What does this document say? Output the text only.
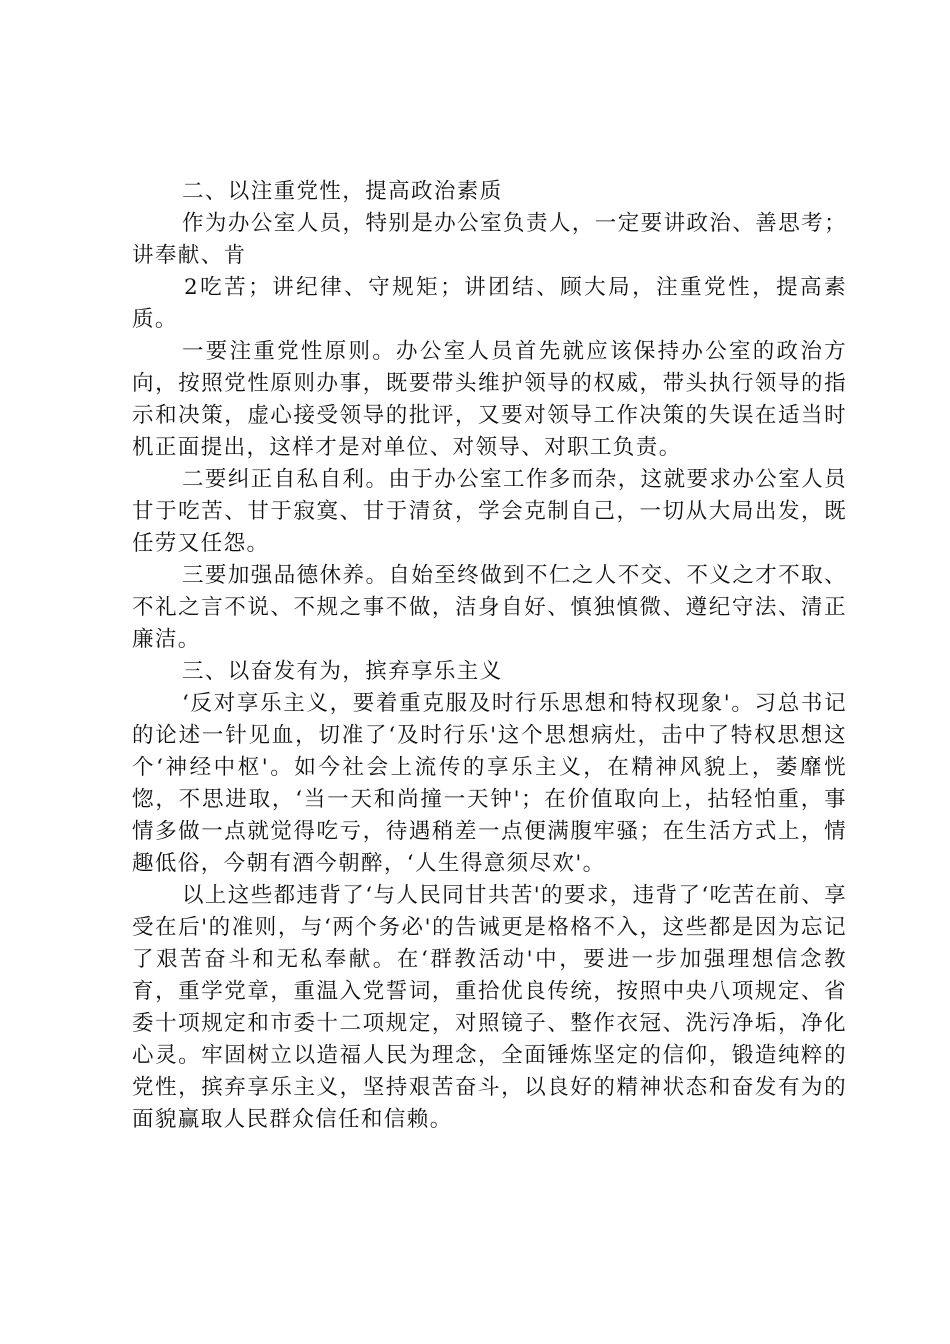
二、以注重党性，提高政治素质

作为办公室人员，特别是办公室负责人，一定要讲政治、善思考；讲奉献、肯

2吃苦；讲纪律、守规矩；讲团结、顾大局，注重党性，提高素质。

一要注重党性原则。办公室人员首先就应该保持办公室的政治方向，按照党性原则办事，既要带头维护领导的权威，带头执行领导的指示和决策，虚心接受领导的批评，又要对领导工作决策的失误在适当时机正面提出，这样才是对单位、对领导、对职工负责。

二要纠正自私自利。由于办公室工作多而杂，这就要求办公室人员甘于吃苦、甘于寂寞、甘于清贫，学会克制自己，一切从大局出发，既任劳又任怨。

三要加强品德休养。自始至终做到不仁之人不交、不义之才不取、不礼之言不说、不规之事不做，洁身自好、慎独慎微、遵纪守法、清正廉洁。

三、以奋发有为，摈弃享乐主义

‘反对享乐主义，要着重克服及时行乐思想和特权现象'。习总书记的论述一针见血，切准了‘及时行乐'这个思想病灶，击中了特权思想这个‘神经中枢'。如今社会上流传的享乐主义，在精神风貌上，萎靡恍惚，不思进取，‘当一天和尚撞一天钟'；在价值取向上，拈轻怕重，事情多做一点就觉得吃亏，待遇稍差一点便满腹牢骚；在生活方式上，情趣低俗，今朝有酒今朝醉，‘人生得意须尽欢'。

以上这些都违背了‘与人民同甘共苦'的要求，违背了‘吃苦在前、享受在后'的准则，与‘两个务必'的告诫更是格格不入，这些都是因为忘记了艰苦奋斗和无私奉献。在‘群教活动'中，要进一步加强理想信念教育，重学党章，重温入党誓词，重拾优良传统，按照中央八项规定、省委十项规定和市委十二项规定，对照镜子、整作衣冠、洗污净垢，净化心灵。牢固树立以造福人民为理念，全面锤炼坚定的信仰，锻造纯粹的党性，摈弃享乐主义，坚持艰苦奋斗，以良好的精神状态和奋发有为的面貌赢取人民群众信任和信赖。
